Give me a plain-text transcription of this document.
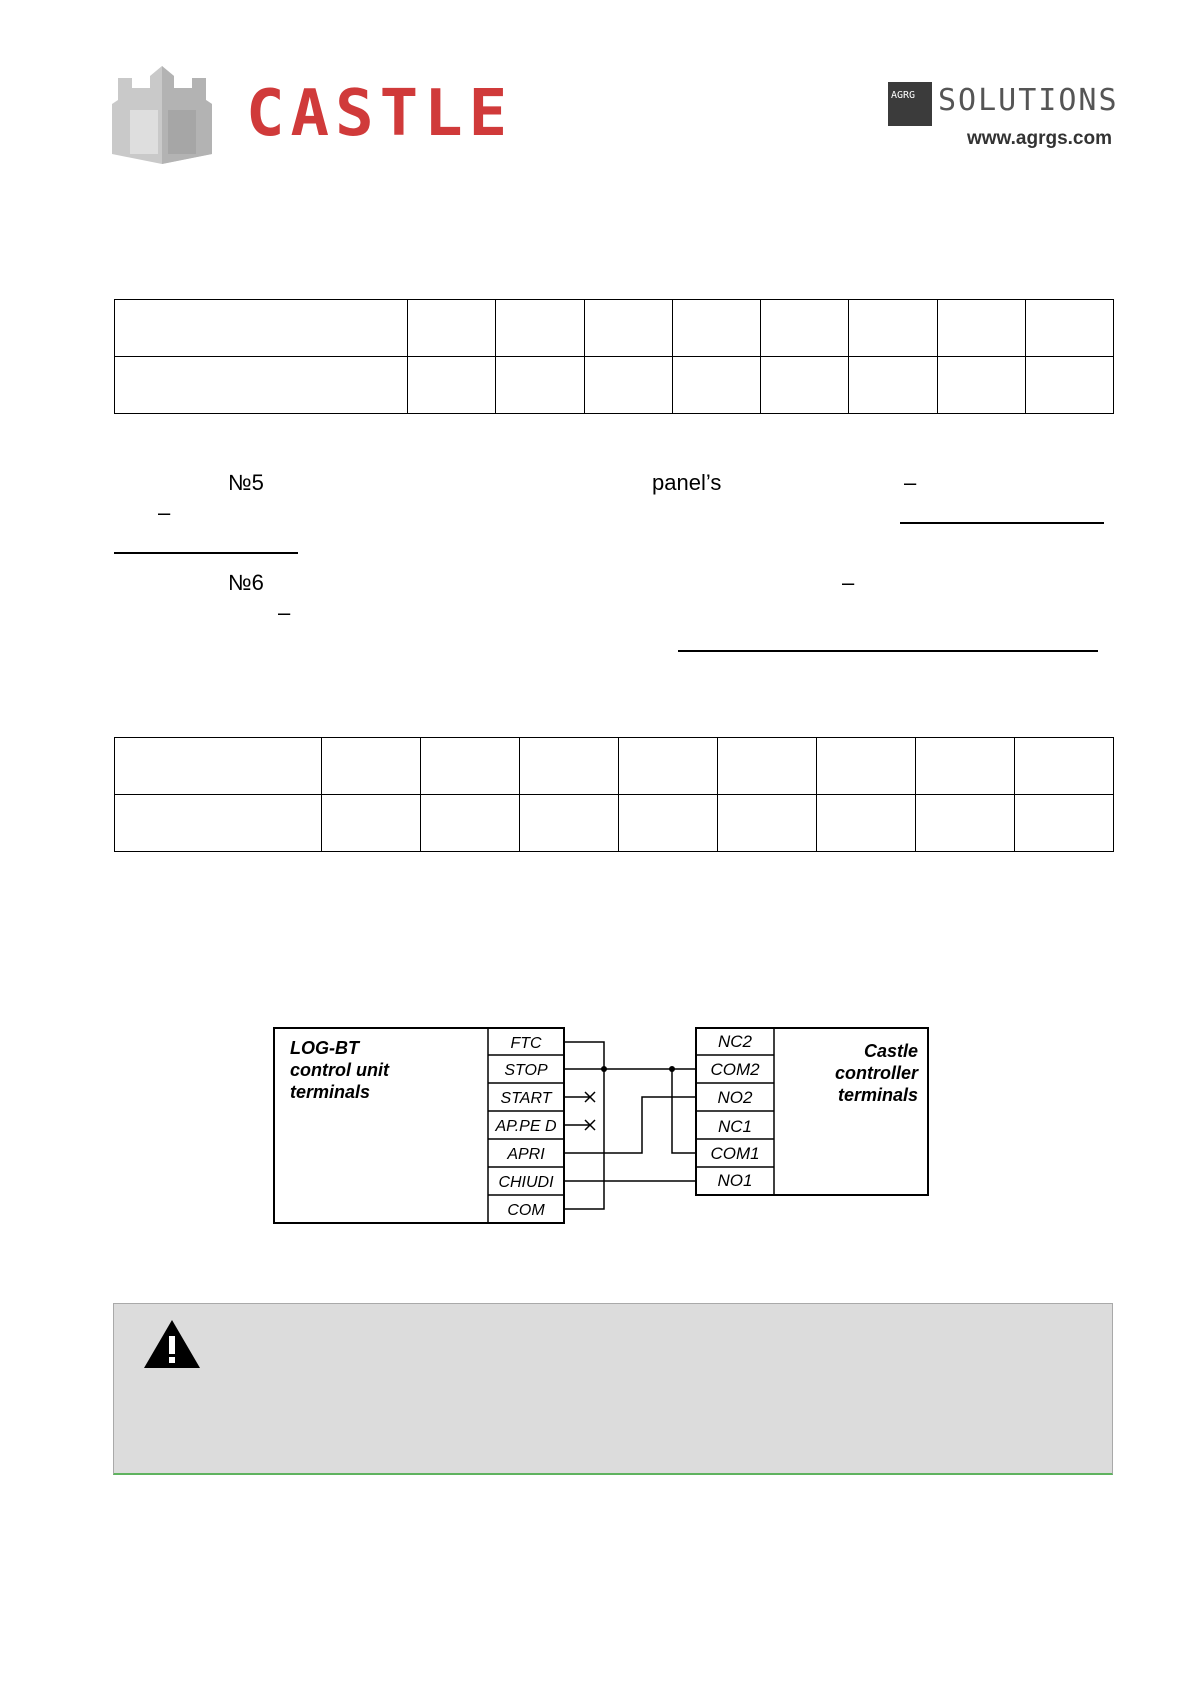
CASTLE	AGRG SOLUTIONS
www.agrgs.com

№5	panel’s	–
–
№6	–
–

LOG-BT
control unit
terminals
FTC
STOP
START
AP.PE D
APRI
CHIUDI
COM
Castle
controller
terminals
NC2
COM2
NO2
NC1
COM1
NO1
